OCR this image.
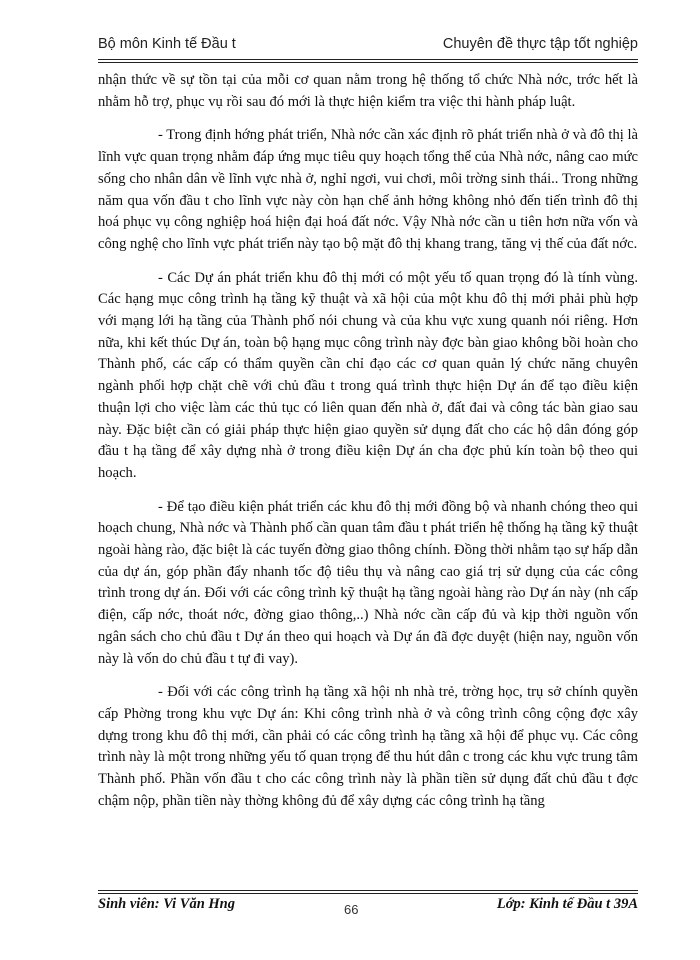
Bộ môn Kinh tế Đầu t	Chuyên đề thực tập tốt nghiệp

nhận thức về sự tồn tại của mỗi cơ quan nằm trong hệ thống tổ chức Nhà nớc, trớc hết là nhằm hỗ trợ, phục vụ rồi sau đó mới là thực hiện kiểm tra việc thi hành pháp luật.

- Trong định hớng phát triển, Nhà nớc cần xác định rõ phát triển nhà ở và đô thị là lĩnh vực quan trọng nhằm đáp ứng mục tiêu quy hoạch tổng thể của Nhà nớc, nâng cao mức sống cho nhân dân về lĩnh vực nhà ở, nghỉ ngơi, vui chơi, môi trờng sinh thái.. Trong những năm qua vốn đầu t cho lĩnh vực này còn hạn chế ảnh hởng không nhỏ đến tiến trình đô thị hoá phục vụ công nghiệp hoá hiện đại hoá đất nớc. Vậy Nhà nớc cần u tiên hơn nữa vốn và công nghệ cho lĩnh vực phát triển này tạo bộ mặt đô thị khang trang, tăng vị thế của đất nớc.

- Các Dự án phát triển khu đô thị mới có một yếu tố quan trọng đó là tính vùng. Các hạng mục công trình hạ tầng kỹ thuật và xã hội của một khu đô thị mới phải phù hợp với mạng lới hạ tầng của Thành phố nói chung và của khu vực xung quanh nói riêng. Hơn nữa, khi kết thúc Dự án, toàn bộ hạng mục công trình này đợc bàn giao không bồi hoàn cho Thành phố, các cấp có thẩm quyền cần chỉ đạo các cơ quan quản lý chức năng chuyên ngành phối hợp chặt chẽ với chủ đầu t trong quá trình thực hiện Dự án để tạo điều kiện thuận lợi cho việc làm các thủ tục có liên quan đến nhà ở, đất đai và công tác bàn giao sau này. Đặc biệt cần có giải pháp thực hiện giao quyền sử dụng đất cho các hộ dân đóng góp đầu t hạ tầng để xây dựng nhà ở trong điều kiện Dự án cha đợc phủ kín toàn bộ theo qui hoạch.

- Để tạo điều kiện phát triển các khu đô thị mới đồng bộ và nhanh chóng theo qui hoạch chung, Nhà nớc và Thành phố cần quan tâm đầu t phát triển hệ thống hạ tầng kỹ thuật ngoài hàng rào, đặc biệt là các tuyến đờng giao thông chính. Đồng thời nhằm tạo sự hấp dẫn của dự án, góp phần đẩy nhanh tốc độ tiêu thụ và nâng cao giá trị sử dụng của các công trình trong dự án. Đối với các công trình kỹ thuật hạ tầng ngoài hàng rào Dự án này (nh cấp điện, cấp nớc, thoát nớc, đờng giao thông,..) Nhà nớc cần cấp đủ và kịp thời nguồn vốn ngân sách cho chủ đầu t Dự án theo qui hoạch và Dự án đã đợc duyệt (hiện nay, nguồn vốn này là vốn do chủ đầu t tự đi vay).

- Đối với các công trình hạ tầng xã hội nh nhà trẻ, trờng học, trụ sở chính quyền cấp Phờng trong khu vực Dự án: Khi công trình nhà ở và công trình công cộng đợc xây dựng trong khu đô thị mới, cần phải có các công trình hạ tầng xã hội để phục vụ. Các công trình này là một trong những yếu tố quan trọng để thu hút dân c trong các khu vực trung tâm Thành phố. Phần vốn đầu t cho các công trình này là phần tiền sử dụng đất chủ đầu t đợc chậm nộp, phần tiền này thờng không đủ để xây dựng các công trình hạ tầng

Sinh viên: Vi Văn Hng	66	Lớp: Kinh tế Đầu t 39A
